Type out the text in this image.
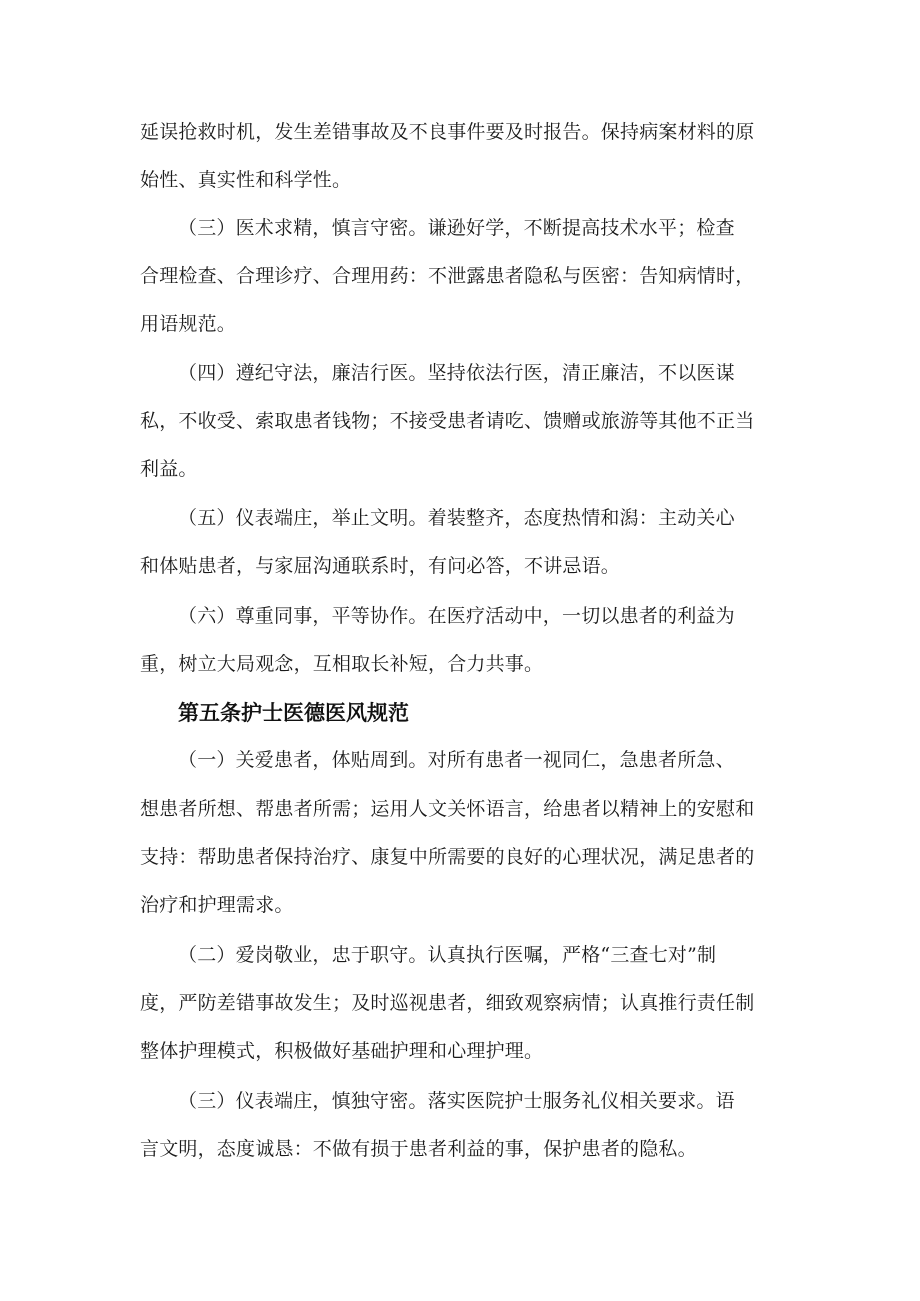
延误抢救时机，发生差错事故及不良事件要及时报告。保持病案材料的原

始性、真实性和科学性。

（三）医术求精，慎言守密。谦逊好学，不断提高技术水平；检查

合理检查、合理诊疗、合理用药：不泄露患者隐私与医密：告知病情时，

用语规范。

（四）遵纪守法，廉洁行医。坚持依法行医，清正廉洁，不以医谋

私，不收受、索取患者钱物；不接受患者请吃、馈赠或旅游等其他不正当

利益。

（五）仪表端庄，举止文明。着装整齐，态度热情和潟：主动关心

和体贴患者，与家屈沟通联系时，有问必答，不讲忌语。

（六）尊重同事，平等协作。在医疗活动中，一切以患者的利益为

重，树立大局观念，互相取长补短，合力共事。

第五条护士医德医风规范

（一）关爱患者，体贴周到。对所有患者一视同仁，急患者所急、

想患者所想、帮患者所需；运用人文关怀语言，给患者以精神上的安慰和

支持：帮助患者保持治疗、康复中所需要的良好的心理状况，满足患者的

治疗和护理需求。

（二）爱岗敬业，忠于职守。认真执行医嘱，严格“三查七对”制

度，严防差错事故发生；及时巡视患者，细致观察病情；认真推行责任制

整体护理模式，积极做好基础护理和心理护理。

（三）仪表端庄，慎独守密。落实医院护士服务礼仪相关要求。语

言文明，态度诚恳：不做有损于患者利益的事，保护患者的隐私。
